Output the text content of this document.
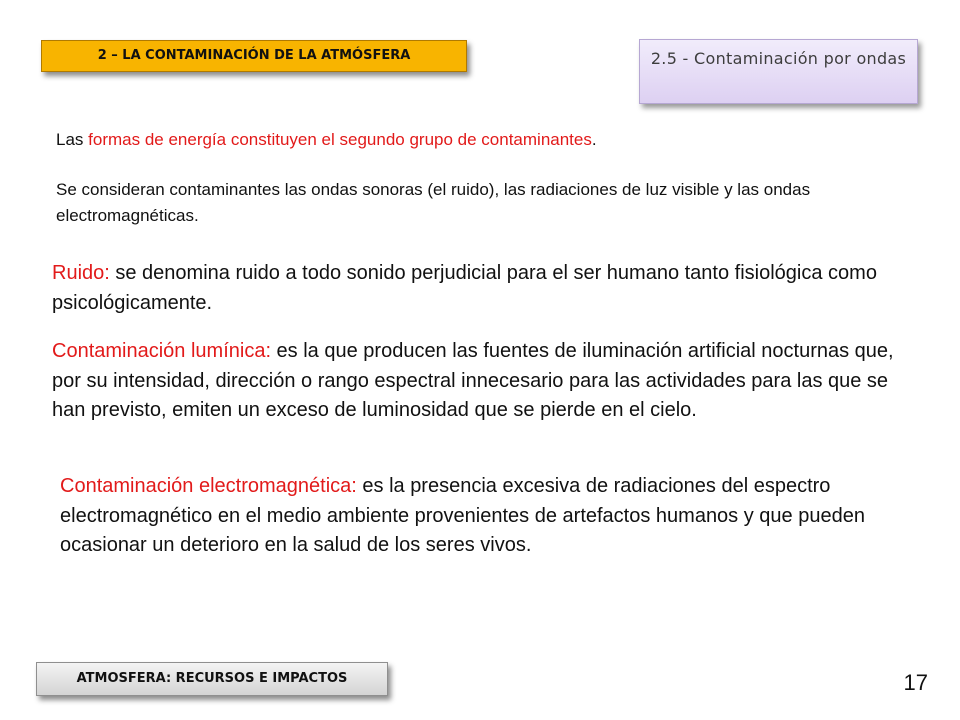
2 – LA CONTAMINACIÓN DE LA ATMÓSFERA	2.5 - Contaminación por ondas

Las formas de energía constituyen el segundo grupo de contaminantes.

Se consideran contaminantes las ondas sonoras (el ruido), las radiaciones de luz visible y las ondas electromagnéticas.

Ruido: se denomina ruido a todo sonido perjudicial para el ser humano tanto fisiológica como psicológicamente.

Contaminación lumínica: es la que producen las fuentes de iluminación artificial nocturnas que, por su intensidad, dirección o rango espectral innecesario para las actividades para las que se han previsto, emiten un exceso de luminosidad que se pierde en el cielo.

Contaminación electromagnética: es la presencia excesiva de radiaciones del espectro electromagnético en el medio ambiente provenientes de artefactos humanos y que pueden ocasionar un deterioro en la salud de los seres vivos.

ATMOSFERA: RECURSOS E IMPACTOS	17
